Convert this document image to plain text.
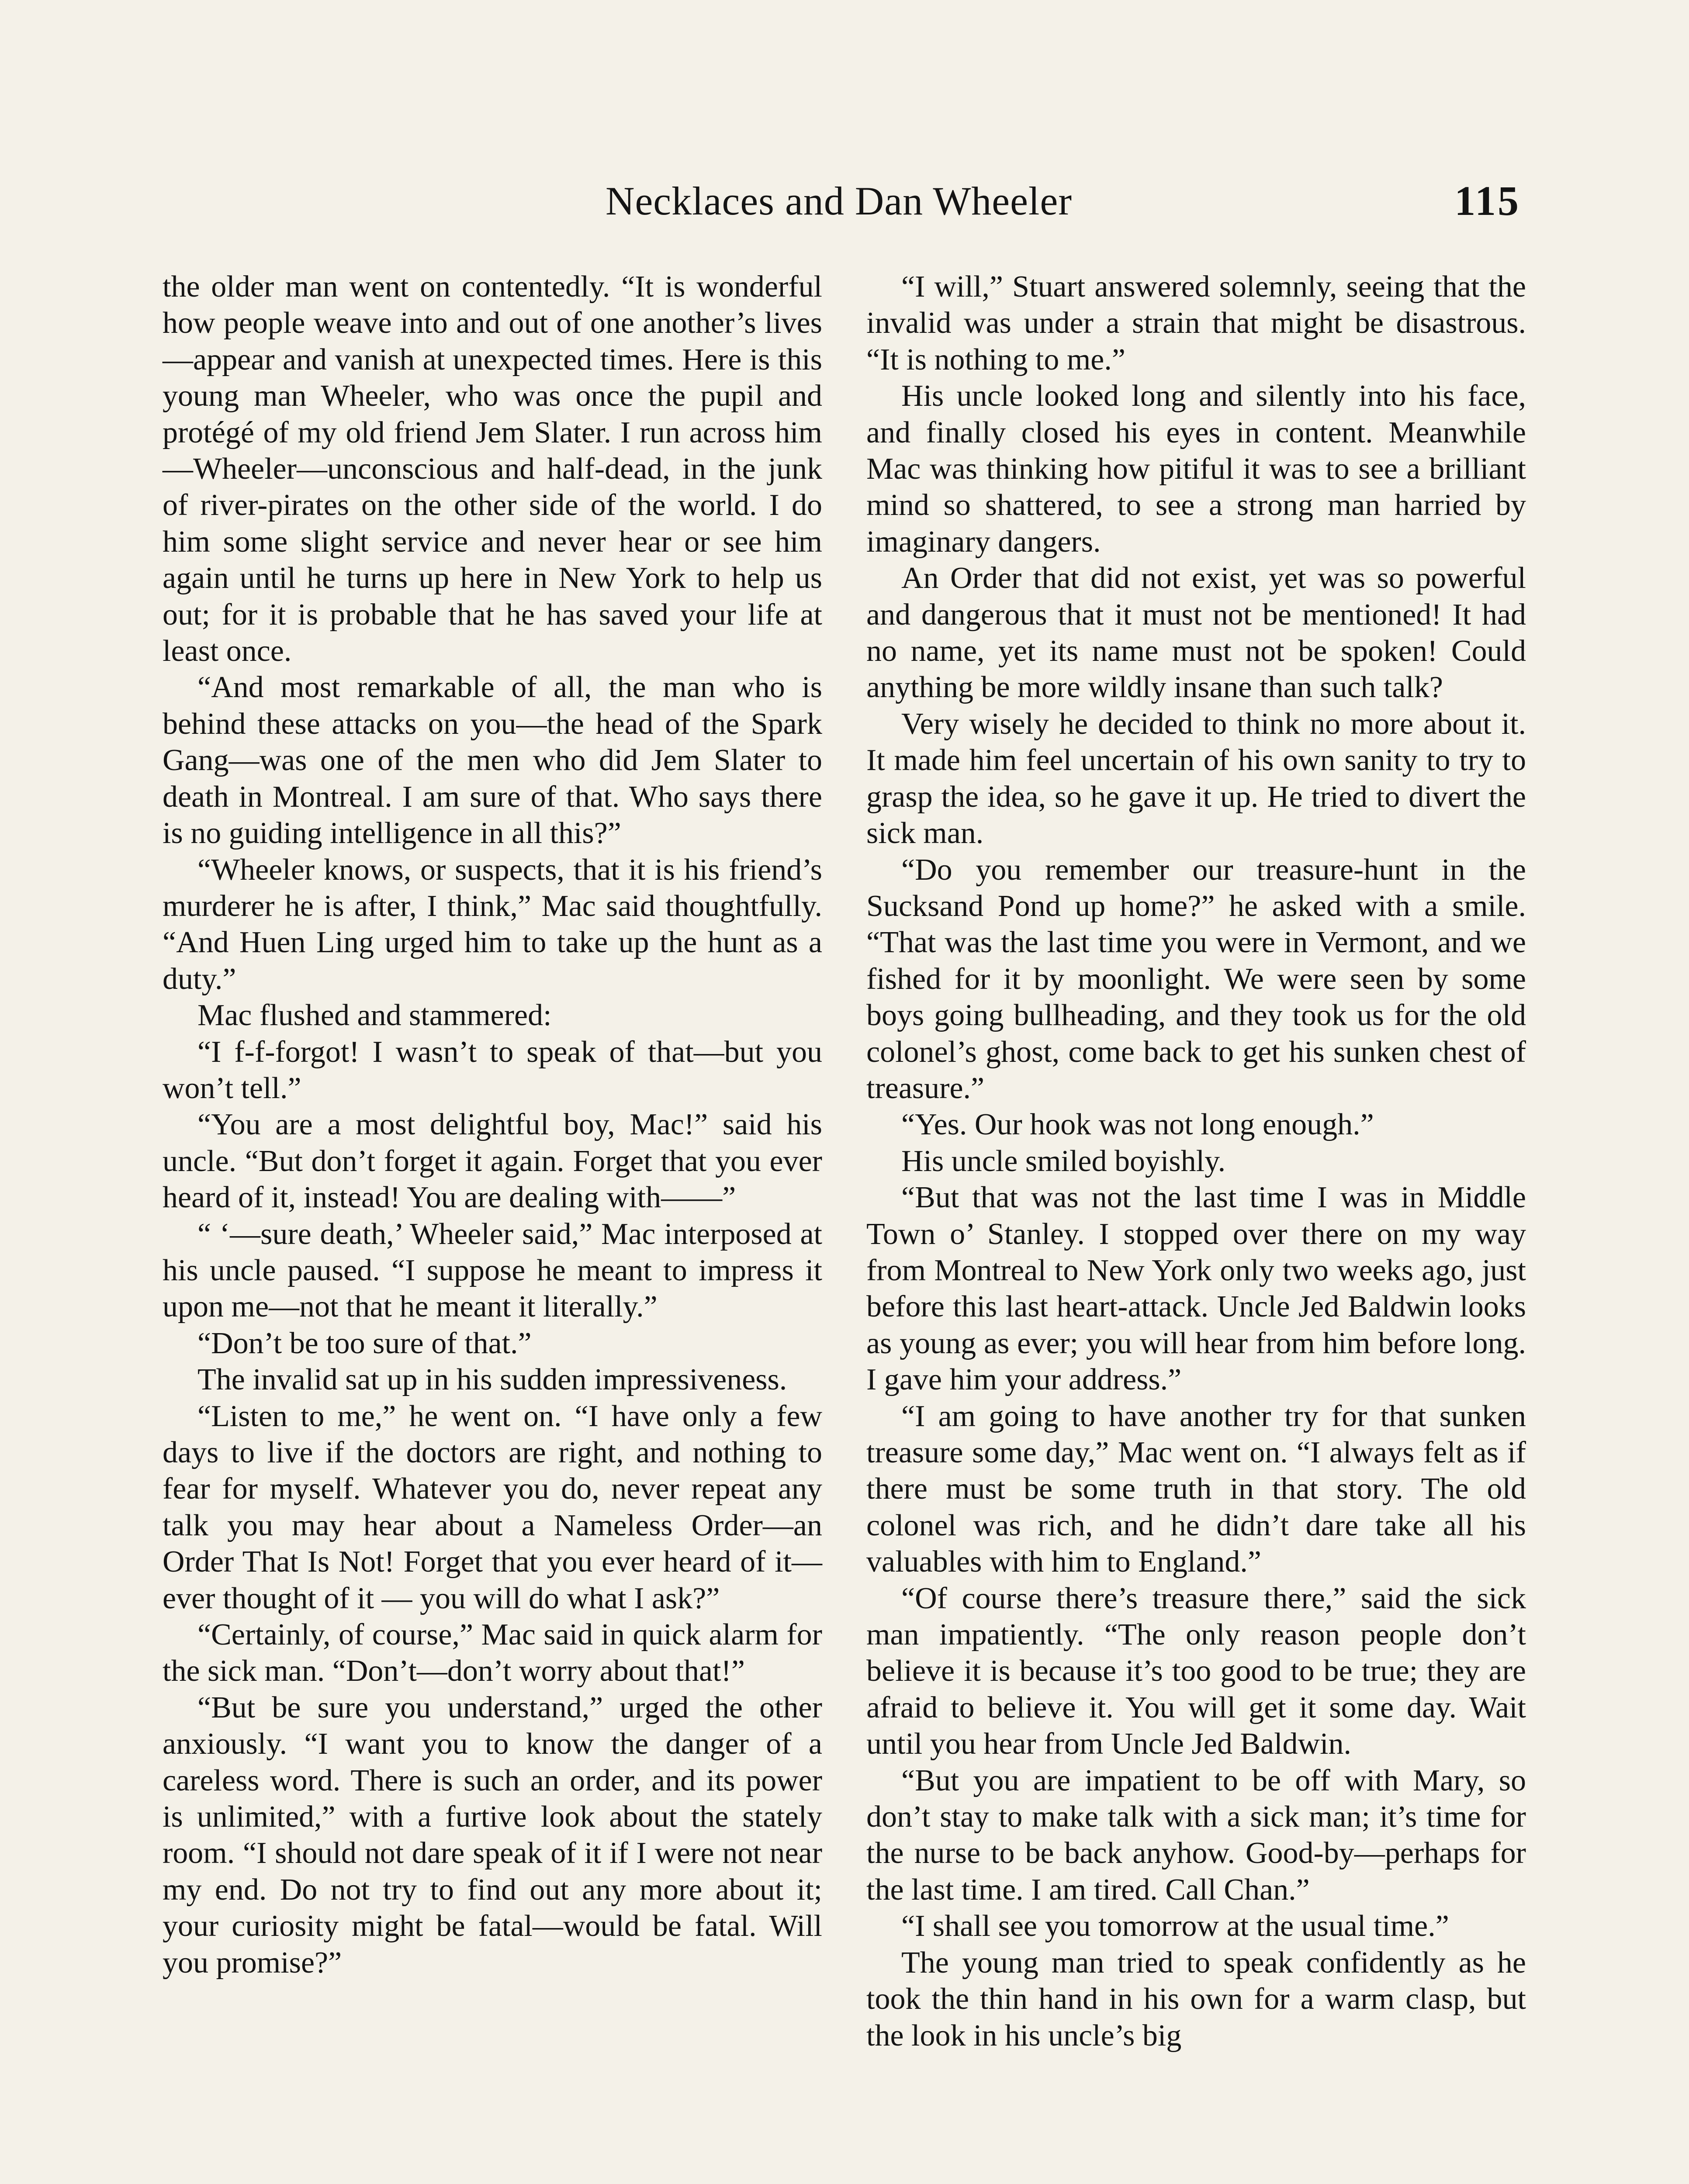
Necklaces and Dan Wheeler	115

the older man went on contentedly. “It is wonderful how people weave into and out of one another’s lives—appear and vanish at unexpected times. Here is this young man Wheeler, who was once the pupil and protégé of my old friend Jem Slater. I run across him—Wheeler—unconscious and half-dead, in the junk of river-pirates on the other side of the world. I do him some slight service and never hear or see him again until he turns up here in New York to help us out; for it is probable that he has saved your life at least once.

“And most remarkable of all, the man who is behind these attacks on you—the head of the Spark Gang—was one of the men who did Jem Slater to death in Montreal. I am sure of that. Who says there is no guiding intelligence in all this?”

“Wheeler knows, or suspects, that it is his friend’s murderer he is after, I think,” Mac said thoughtfully. “And Huen Ling urged him to take up the hunt as a duty.”

Mac flushed and stammered:

“I f-f-forgot! I wasn’t to speak of that—but you won’t tell.”

“You are a most delightful boy, Mac!” said his uncle. “But don’t forget it again. Forget that you ever heard of it, instead! You are dealing with——”

“ ‘—sure death,’ Wheeler said,” Mac interposed at his uncle paused. “I suppose he meant to impress it upon me—not that he meant it literally.”

“Don’t be too sure of that.”

The invalid sat up in his sudden impressiveness.

“Listen to me,” he went on. “I have only a few days to live if the doctors are right, and nothing to fear for myself. Whatever you do, never repeat any talk you may hear about a Nameless Order—an Order That Is Not! Forget that you ever heard of it—ever thought of it — you will do what I ask?”

“Certainly, of course,” Mac said in quick alarm for the sick man. “Don’t—don’t worry about that!”

“But be sure you understand,” urged the other anxiously. “I want you to know the danger of a careless word. There is such an order, and its power is unlimited,” with a furtive look about the stately room. “I should not dare speak of it if I were not near my end. Do not try to find out any more about it; your curiosity might be fatal—would be fatal. Will you promise?”

“I will,” Stuart answered solemnly, seeing that the invalid was under a strain that might be disastrous. “It is nothing to me.”

His uncle looked long and silently into his face, and finally closed his eyes in content. Meanwhile Mac was thinking how pitiful it was to see a brilliant mind so shattered, to see a strong man harried by imaginary dangers.

An Order that did not exist, yet was so powerful and dangerous that it must not be mentioned! It had no name, yet its name must not be spoken! Could anything be more wildly insane than such talk?

Very wisely he decided to think no more about it. It made him feel uncertain of his own sanity to try to grasp the idea, so he gave it up. He tried to divert the sick man.

“Do you remember our treasure-hunt in the Sucksand Pond up home?” he asked with a smile. “That was the last time you were in Vermont, and we fished for it by moonlight. We were seen by some boys going bullheading, and they took us for the old colonel’s ghost, come back to get his sunken chest of treasure.”

“Yes. Our hook was not long enough.”

His uncle smiled boyishly.

“But that was not the last time I was in Middle Town o’ Stanley. I stopped over there on my way from Montreal to New York only two weeks ago, just before this last heart-attack. Uncle Jed Baldwin looks as young as ever; you will hear from him before long. I gave him your address.”

“I am going to have another try for that sunken treasure some day,” Mac went on. “I always felt as if there must be some truth in that story. The old colonel was rich, and he didn’t dare take all his valuables with him to England.”

“Of course there’s treasure there,” said the sick man impatiently. “The only reason people don’t believe it is because it’s too good to be true; they are afraid to believe it. You will get it some day. Wait until you hear from Uncle Jed Baldwin.

“But you are impatient to be off with Mary, so don’t stay to make talk with a sick man; it’s time for the nurse to be back anyhow. Good-by—perhaps for the last time. I am tired. Call Chan.”

“I shall see you tomorrow at the usual time.”

The young man tried to speak confidently as he took the thin hand in his own for a warm clasp, but the look in his uncle’s big
